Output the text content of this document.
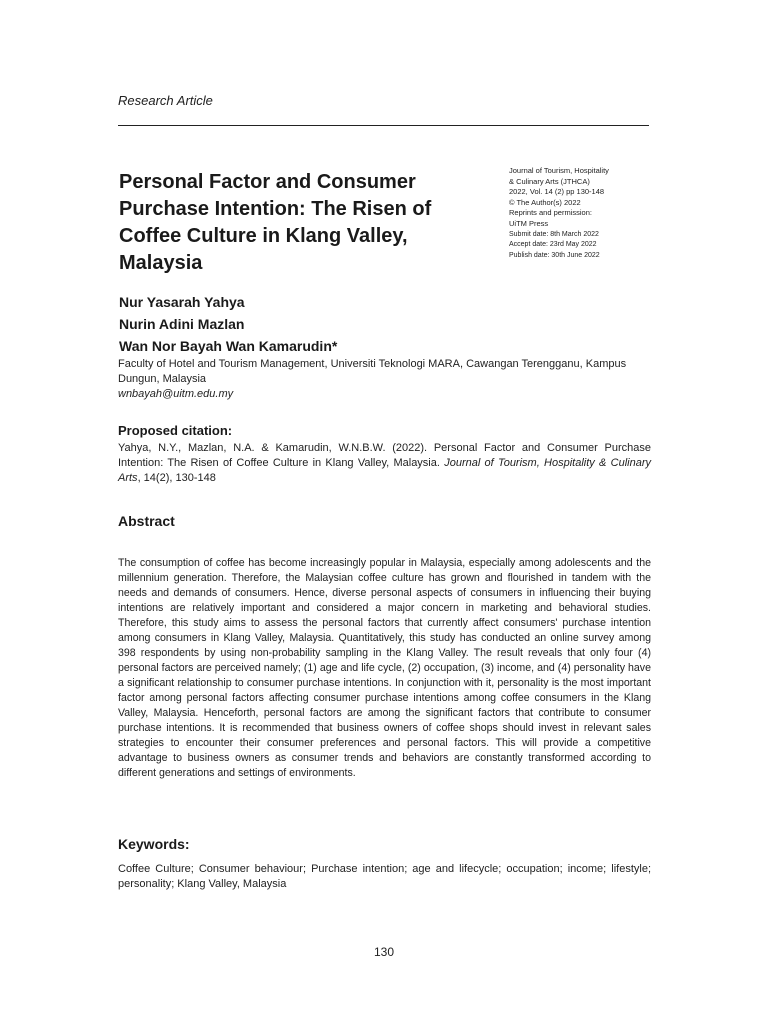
Research Article
Personal Factor and Consumer
Purchase Intention: The Risen of
Coffee Culture in Klang Valley,
Malaysia
Journal of Tourism, Hospitality
& Culinary Arts (JTHCA)
2022, Vol. 14 (2) pp 130-148
© The Author(s) 2022
Reprints and permission:
UiTM Press
Submit date: 8th March 2022
Accept date: 23rd May 2022
Publish date: 30th June 2022
Nur Yasarah Yahya
Nurin Adini Mazlan
Wan Nor Bayah Wan Kamarudin*
Faculty of Hotel and Tourism Management, Universiti Teknologi MARA, Cawangan Terengganu, Kampus Dungun, Malaysia
wnbayah@uitm.edu.my
Proposed citation:
Yahya, N.Y., Mazlan, N.A. & Kamarudin, W.N.B.W. (2022). Personal Factor and Consumer Purchase Intention: The Risen of Coffee Culture in Klang Valley, Malaysia. Journal of Tourism, Hospitality & Culinary Arts, 14(2), 130-148
Abstract

The consumption of coffee has become increasingly popular in Malaysia, especially among adolescents and the millennium generation. Therefore, the Malaysian coffee culture has grown and flourished in tandem with the needs and demands of consumers. Hence, diverse personal aspects of consumers in influencing their buying intentions are relatively important and considered a major concern in marketing and behavioral studies. Therefore, this study aims to assess the personal factors that currently affect consumers' purchase intention among consumers in Klang Valley, Malaysia. Quantitatively, this study has conducted an online survey among 398 respondents by using non-probability sampling in the Klang Valley. The result reveals that only four (4) personal factors are perceived namely; (1) age and life cycle, (2) occupation, (3) income, and (4) personality have a significant relationship to consumer purchase intentions. In conjunction with it, personality is the most important factor among personal factors affecting consumer purchase intentions among coffee consumers in the Klang Valley, Malaysia. Henceforth, personal factors are among the significant factors that contribute to consumer purchase intentions. It is recommended that business owners of coffee shops should invest in relevant sales strategies to encounter their consumer preferences and personal factors. This will provide a competitive advantage to business owners as consumer trends and behaviors are constantly transformed according to different generations and settings of environments.

Keywords:
Coffee Culture; Consumer behaviour; Purchase intention; age and lifecycle; occupation; income; lifestyle; personality; Klang Valley, Malaysia
130
